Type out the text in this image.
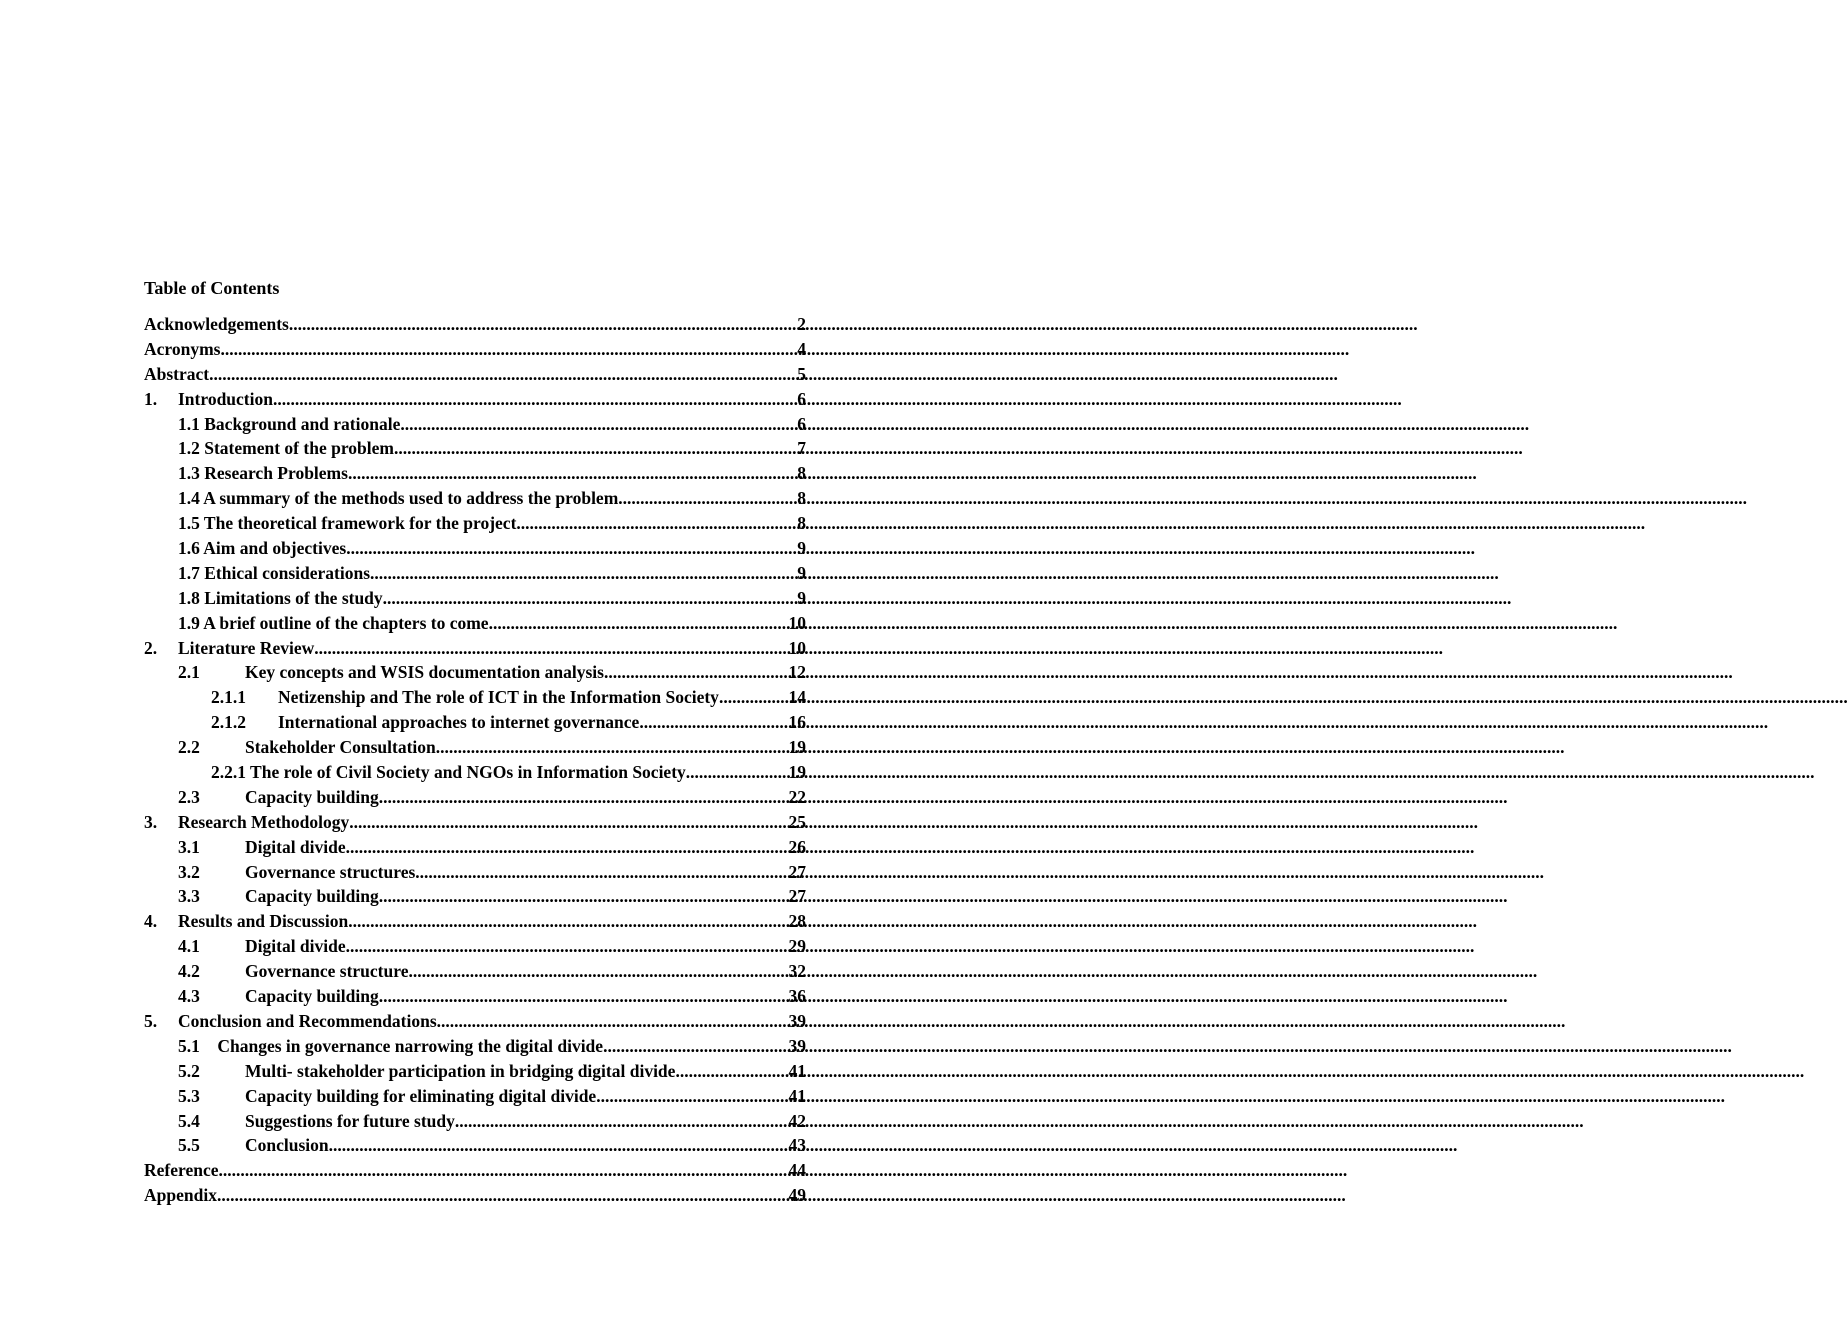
Table of Contents
Acknowledgements .....	2
Acronyms .....	4
Abstract .....	5
1.	Introduction .....	6
1.1 Background and rationale .....	6
1.2 Statement of the problem .....	7
1.3 Research Problems .....	8
1.4 A summary of the methods used to address the problem .....	8
1.5 The theoretical framework for the project .....	8
1.6 Aim and objectives .....	9
1.7 Ethical considerations .....	9
1.8 Limitations of the study .....	9
1.9 A brief outline of the chapters to come .....	10
2.	Literature Review .....	10
2.1	Key concepts and WSIS documentation analysis .....	12
2.1.1	Netizenship and The role of ICT in the Information Society .....	14
2.1.2	International approaches to internet governance .....	16
2.2	Stakeholder Consultation .....	19
2.2.1 The role of Civil Society and NGOs in Information Society .....	19
2.3	Capacity building .....	22
3.	Research Methodology .....	25
3.1	Digital divide .....	26
3.2	Governance structures .....	27
3.3	Capacity building .....	27
4.	Results and Discussion .....	28
4.1	Digital divide .....	29
4.2	Governance structure .....	32
4.3	Capacity building .....	36
5.	Conclusion and Recommendations .....	39
5.1    Changes in governance narrowing the digital divide .....	39
5.2	Multi- stakeholder participation in bridging digital divide .....	41
5.3	Capacity building for eliminating digital divide .....	41
5.4	Suggestions for future study .....	42
5.5	Conclusion .....	43
Reference .....	44
Appendix .....	49
